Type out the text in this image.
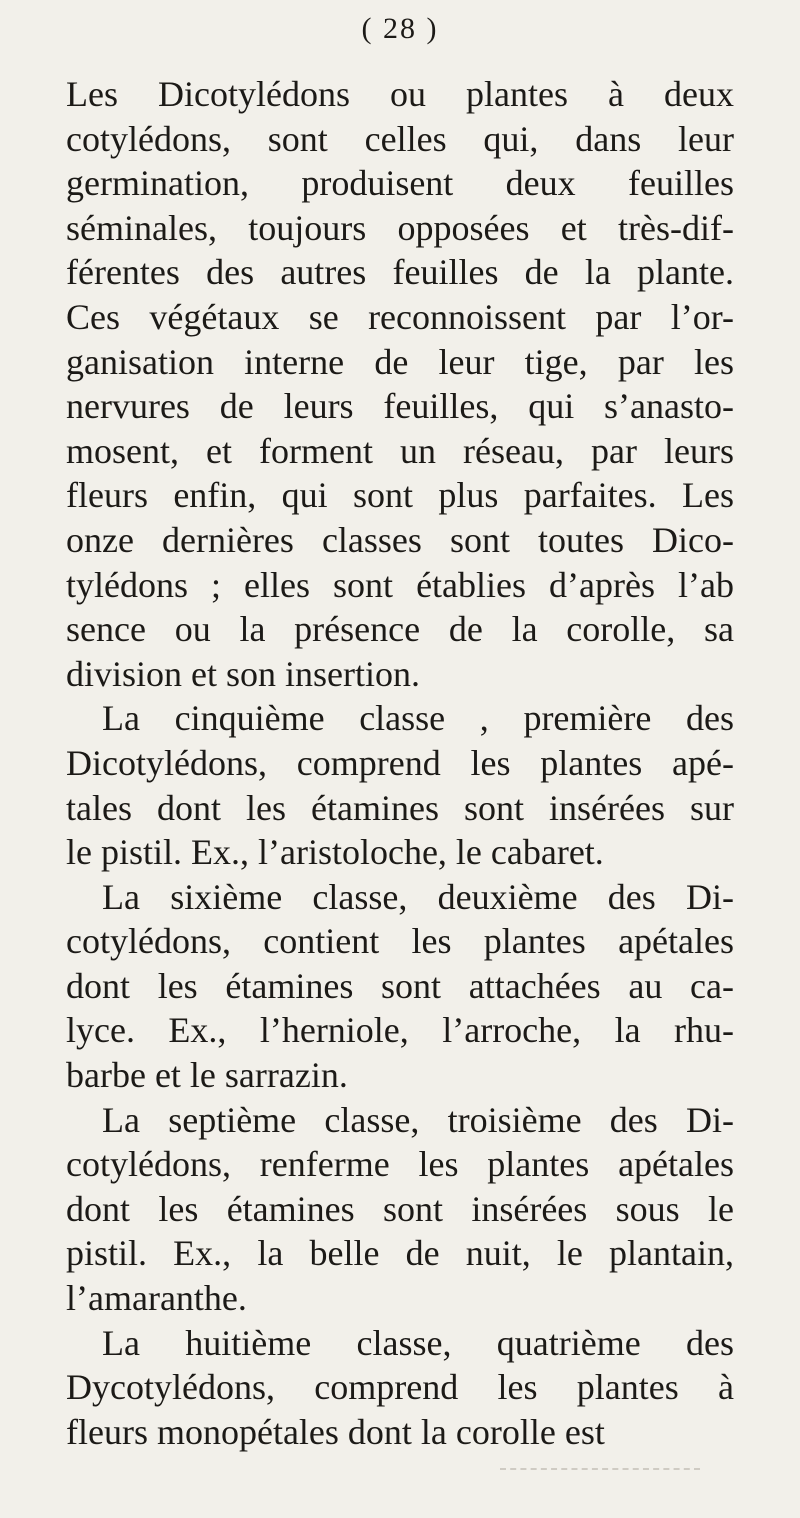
( 28 )
Les Dicotylédons ou plantes à deux
cotylédons, sont celles qui, dans leur
germination, produisent deux feuilles
séminales, toujours opposées et très-dif-
férentes des autres feuilles de la plante.
Ces végétaux se reconnoissent par l’or-
ganisation interne de leur tige, par les
nervures de leurs feuilles, qui s’anasto-
mosent, et forment un réseau, par leurs
fleurs enfin, qui sont plus parfaites. Les
onze dernières classes sont toutes Dico-
tylédons ; elles sont établies d’après l’ab
sence ou la présence de la corolle, sa
division et son insertion.
La cinquième classe , première des
Dicotylédons, comprend les plantes apé-
tales dont les étamines sont insérées sur
le pistil. Ex., l’aristoloche, le cabaret.
La sixième classe, deuxième des Di-
cotylédons, contient les plantes apétales
dont les étamines sont attachées au ca-
lyce. Ex., l’herniole, l’arroche, la rhu-
barbe et le sarrazin.
La septième classe, troisième des Di-
cotylédons, renferme les plantes apétales
dont les étamines sont insérées sous le
pistil. Ex., la belle de nuit, le plantain,
l’amaranthe.
La huitième classe, quatrième des
Dycotylédons, comprend les plantes à
fleurs monopétales dont la corolle est
